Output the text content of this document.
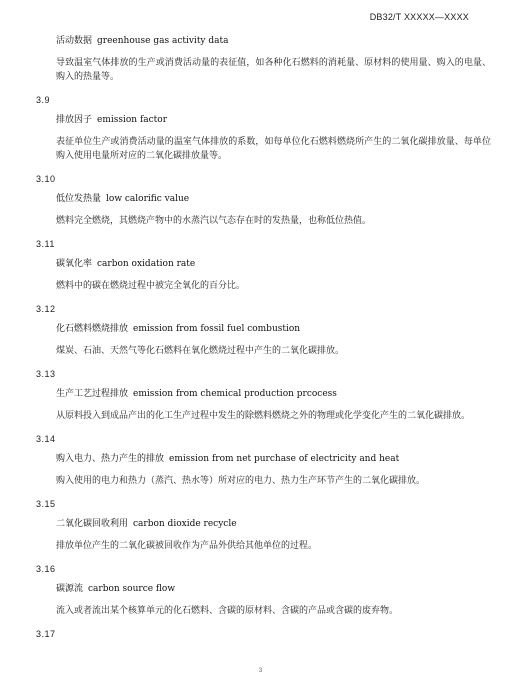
DB32/T XXXXX—XXXX
活动数据 greenhouse gas activity data

导致温室气体排放的生产或消费活动量的表征值，如各种化石燃料的消耗量、原材料的使用量、购入的电量、购入的热量等。

3.9
排放因子 emission factor

表征单位生产或消费活动量的温室气体排放的系数，如每单位化石燃料燃烧所产生的二氧化碳排放量、每单位购入使用电量所对应的二氧化碳排放量等。

3.10
低位发热量 low calorific value

燃料完全燃烧，其燃烧产物中的水蒸汽以气态存在时的发热量，也称低位热值。

3.11
碳氧化率 carbon oxidation rate

燃料中的碳在燃烧过程中被完全氧化的百分比。

3.12
化石燃料燃烧排放 emission from fossil fuel combustion

煤炭、石油、天然气等化石燃料在氧化燃烧过程中产生的二氧化碳排放。

3.13
生产工艺过程排放 emission from chemical production prcocess

从原料投入到成品产出的化工生产过程中发生的除燃料燃烧之外的物理或化学变化产生的二氧化碳排放。

3.14
购入电力、热力产生的排放 emission from net purchase of electricity and heat

购入使用的电力和热力（蒸汽、热水等）所对应的电力、热力生产环节产生的二氧化碳排放。

3.15
二氧化碳回收利用 carbon dioxide recycle

排放单位产生的二氧化碳被回收作为产品外供给其他单位的过程。

3.16
碳源流 carbon source flow

流入或者流出某个核算单元的化石燃料、含碳的原材料、含碳的产品或含碳的废弃物。

3.17
3
